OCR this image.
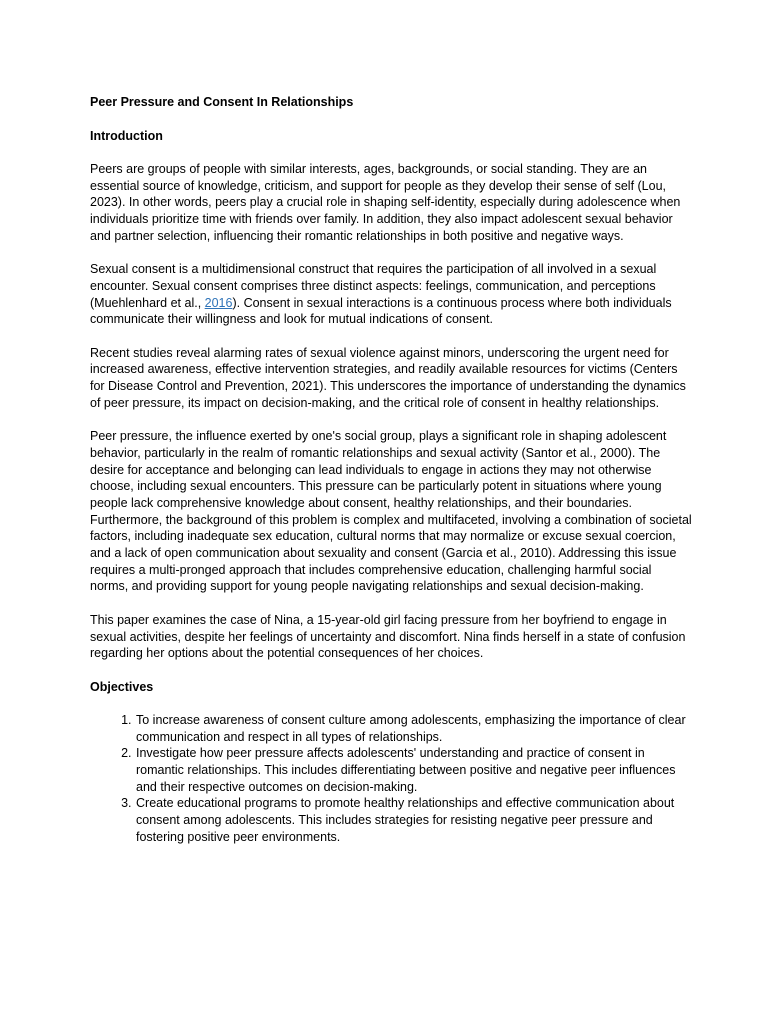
Peer Pressure and Consent In Relationships
Introduction

Peers are groups of people with similar interests, ages, backgrounds, or social standing. They are an essential source of knowledge, criticism, and support for people as they develop their sense of self (Lou, 2023). In other words, peers play a crucial role in shaping self-identity, especially during adolescence when individuals prioritize time with friends over family. In addition, they also impact adolescent sexual behavior and partner selection, influencing their romantic relationships in both positive and negative ways.

Sexual consent is a multidimensional construct that requires the participation of all involved in a sexual encounter. Sexual consent comprises three distinct aspects: feelings, communication, and perceptions (Muehlenhard et al., 2016). Consent in sexual interactions is a continuous process where both individuals communicate their willingness and look for mutual indications of consent.

Recent studies reveal alarming rates of sexual violence against minors, underscoring the urgent need for increased awareness, effective intervention strategies, and readily available resources for victims (Centers for Disease Control and Prevention, 2021). This underscores the importance of understanding the dynamics of peer pressure, its impact on decision-making, and the critical role of consent in healthy relationships.

Peer pressure, the influence exerted by one's social group, plays a significant role in shaping adolescent behavior, particularly in the realm of romantic relationships and sexual activity (Santor et al., 2000). The desire for acceptance and belonging can lead individuals to engage in actions they may not otherwise choose, including sexual encounters. This pressure can be particularly potent in situations where young people lack comprehensive knowledge about consent, healthy relationships, and their boundaries. Furthermore, the background of this problem is complex and multifaceted, involving a combination of societal factors, including inadequate sex education, cultural norms that may normalize or excuse sexual coercion, and a lack of open communication about sexuality and consent (Garcia et al., 2010). Addressing this issue requires a multi-pronged approach that includes comprehensive education, challenging harmful social norms, and providing support for young people navigating relationships and sexual decision-making.

This paper examines the case of Nina, a 15-year-old girl facing pressure from her boyfriend to engage in sexual activities, despite her feelings of uncertainty and discomfort. Nina finds herself in a state of confusion regarding her options about the potential consequences of her choices.

Objectives
1. To increase awareness of consent culture among adolescents, emphasizing the importance of clear communication and respect in all types of relationships.
2. Investigate how peer pressure affects adolescents' understanding and practice of consent in romantic relationships. This includes differentiating between positive and negative peer influences and their respective outcomes on decision-making.
3. Create educational programs to promote healthy relationships and effective communication about consent among adolescents. This includes strategies for resisting negative peer pressure and fostering positive peer environments.
